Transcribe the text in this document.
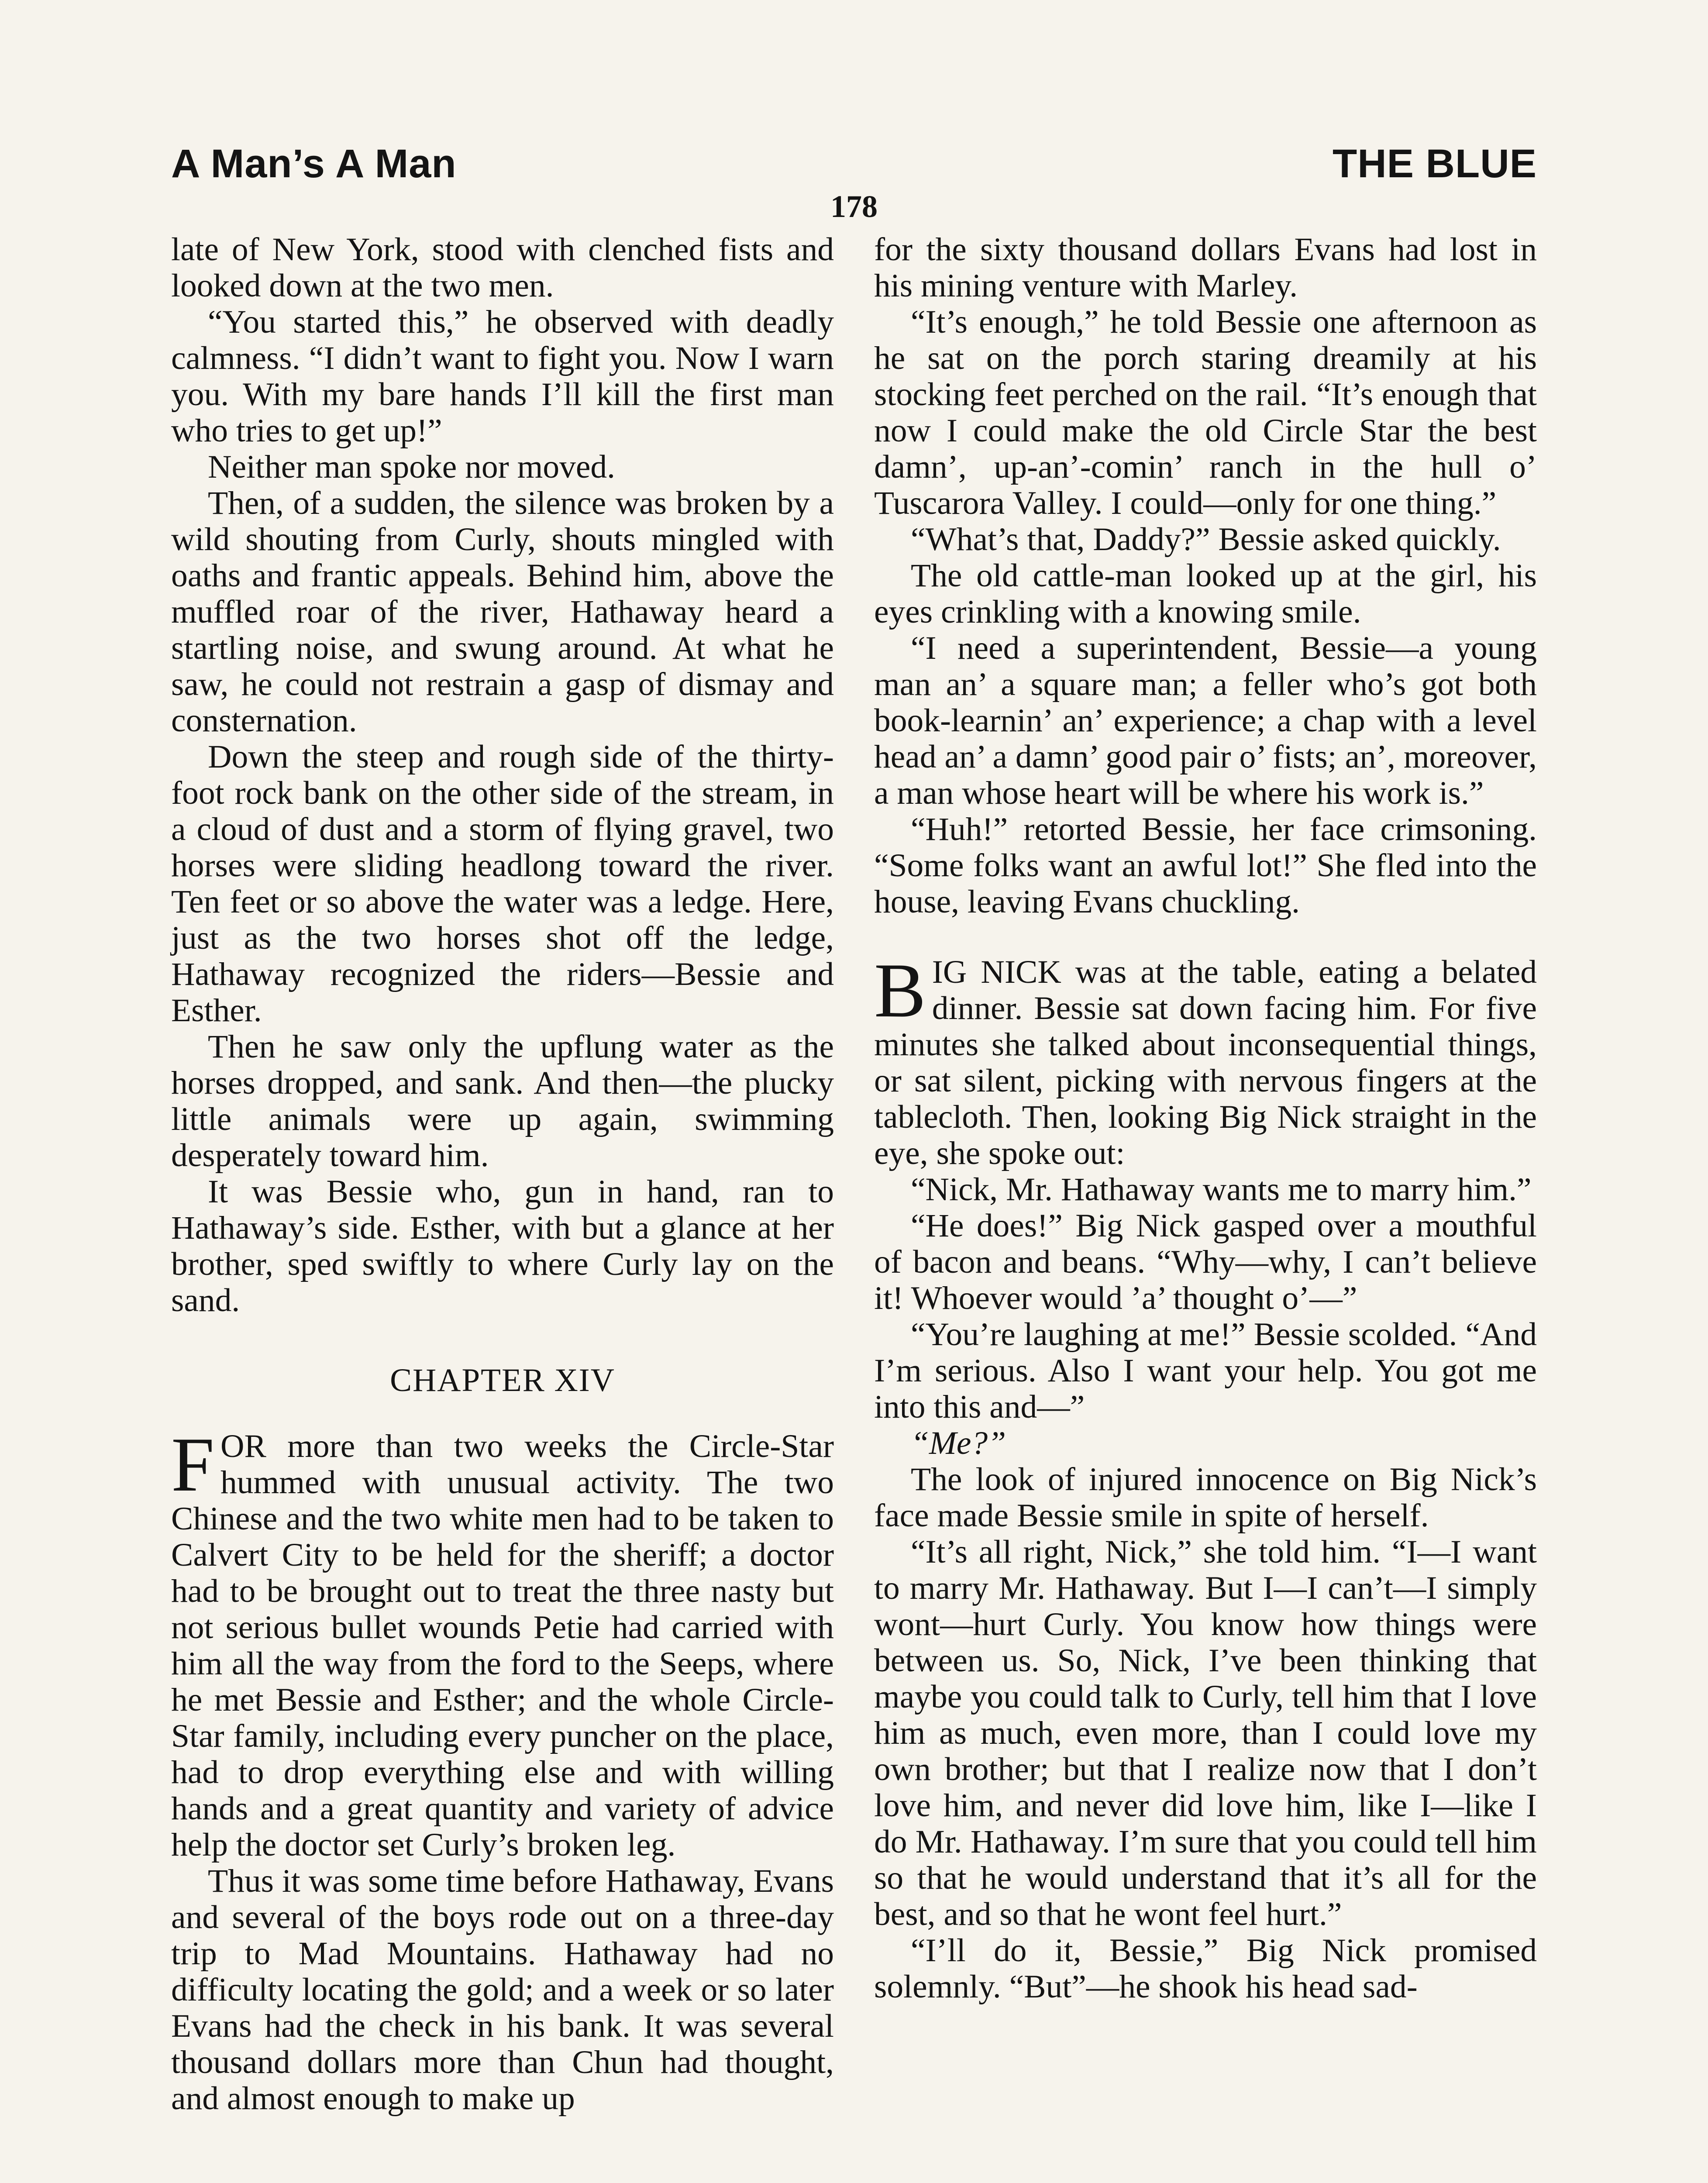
A Man’s A Man	THE BLUE
178

late of New York, stood with clenched fists and looked down at the two men.

“You started this,” he observed with deadly calmness. “I didn’t want to fight you. Now I warn you. With my bare hands I’ll kill the first man who tries to get up!”

Neither man spoke nor moved.

Then, of a sudden, the silence was broken by a wild shouting from Curly, shouts mingled with oaths and frantic appeals. Behind him, above the muffled roar of the river, Hathaway heard a startling noise, and swung around. At what he saw, he could not restrain a gasp of dismay and consternation.

Down the steep and rough side of the thirty-foot rock bank on the other side of the stream, in a cloud of dust and a storm of flying gravel, two horses were sliding headlong toward the river. Ten feet or so above the water was a ledge. Here, just as the two horses shot off the ledge, Hathaway recognized the riders—Bessie and Esther.

Then he saw only the upflung water as the horses dropped, and sank. And then—the plucky little animals were up again, swimming desperately toward him.

It was Bessie who, gun in hand, ran to Hathaway’s side. Esther, with but a glance at her brother, sped swiftly to where Curly lay on the sand.

CHAPTER XIV

FOR more than two weeks the Circle-Star hummed with unusual activity. The two Chinese and the two white men had to be taken to Calvert City to be held for the sheriff; a doctor had to be brought out to treat the three nasty but not serious bullet wounds Petie had carried with him all the way from the ford to the Seeps, where he met Bessie and Esther; and the whole Circle-Star family, including every puncher on the place, had to drop everything else and with willing hands and a great quantity and variety of advice help the doctor set Curly’s broken leg.

Thus it was some time before Hathaway, Evans and several of the boys rode out on a three-day trip to Mad Mountains. Hathaway had no difficulty locating the gold; and a week or so later Evans had the check in his bank. It was several thousand dollars more than Chun had thought, and almost enough to make up

for the sixty thousand dollars Evans had lost in his mining venture with Marley.

“It’s enough,” he told Bessie one afternoon as he sat on the porch staring dreamily at his stocking feet perched on the rail. “It’s enough that now I could make the old Circle Star the best damn’, up-an’-comin’ ranch in the hull o’ Tuscarora Valley. I could—only for one thing.”

“What’s that, Daddy?” Bessie asked quickly.

The old cattle-man looked up at the girl, his eyes crinkling with a knowing smile.

“I need a superintendent, Bessie—a young man an’ a square man; a feller who’s got both book-learnin’ an’ experience; a chap with a level head an’ a damn’ good pair o’ fists; an’, moreover, a man whose heart will be where his work is.”

“Huh!” retorted Bessie, her face crimsoning. “Some folks want an awful lot!” She fled into the house, leaving Evans chuckling.

BIG NICK was at the table, eating a belated dinner. Bessie sat down facing him. For five minutes she talked about inconsequential things, or sat silent, picking with nervous fingers at the tablecloth. Then, looking Big Nick straight in the eye, she spoke out:

“Nick, Mr. Hathaway wants me to marry him.”

“He does!” Big Nick gasped over a mouthful of bacon and beans. “Why—why, I can’t believe it! Whoever would ’a’ thought o’—”

“You’re laughing at me!” Bessie scolded. “And I’m serious. Also I want your help. You got me into this and—”

“Me?”

The look of injured innocence on Big Nick’s face made Bessie smile in spite of herself.

“It’s all right, Nick,” she told him. “I—I want to marry Mr. Hathaway. But I—I can’t—I simply wont—hurt Curly. You know how things were between us. So, Nick, I’ve been thinking that maybe you could talk to Curly, tell him that I love him as much, even more, than I could love my own brother; but that I realize now that I don’t love him, and never did love him, like I—like I do Mr. Hathaway. I’m sure that you could tell him so that he would understand that it’s all for the best, and so that he wont feel hurt.”

“I’ll do it, Bessie,” Big Nick promised solemnly. “But”—he shook his head sad-
